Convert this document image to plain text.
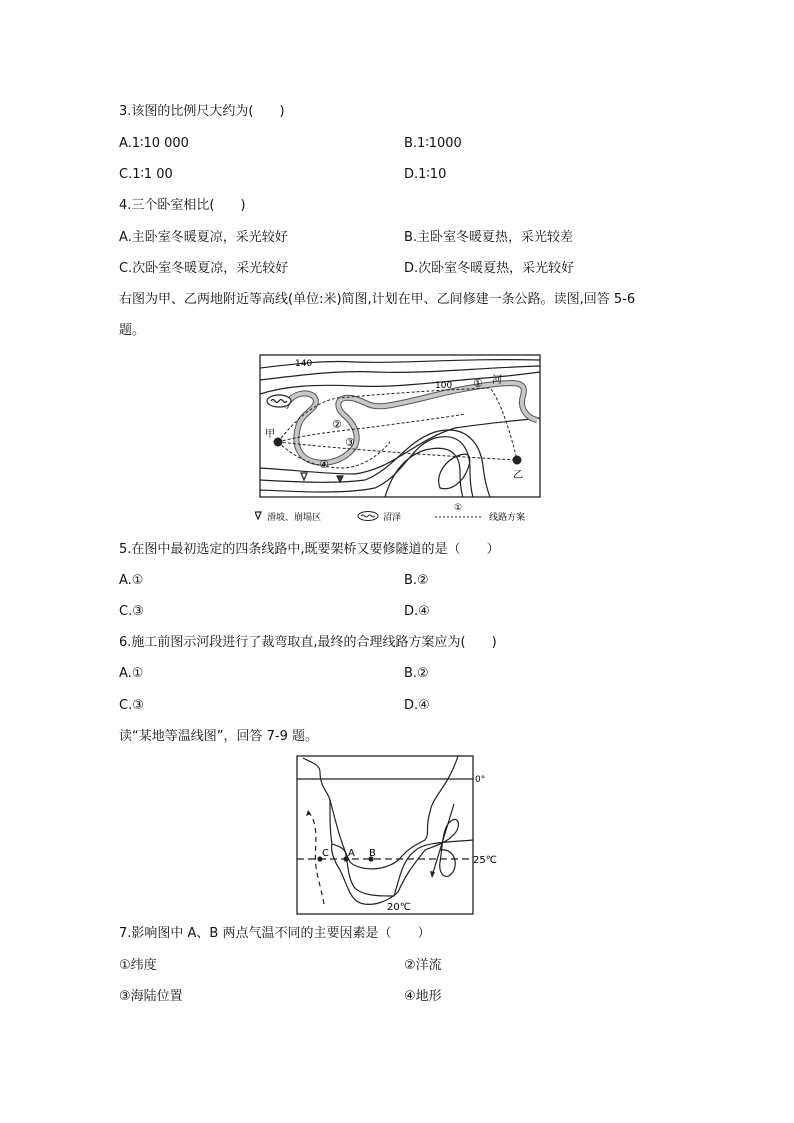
3.该图的比例尺大约为(　　)
A.1∶10 000	B.1∶1000
C.1∶1 00	D.1∶10
4.三个卧室相比(　　)
A.主卧室冬暖夏凉，采光较好	B.主卧室冬暖夏热，采光较差
C.次卧室冬暖夏凉，采光较好	D.次卧室冬暖夏热，采光较好
右图为甲、乙两地附近等高线(单位:米)简图,计划在甲、乙间修建一条公路。读图,回答 5-6
题。
140
100 ① 河
甲
乙
②
③
④
滑坡、崩塌区	沼泽
①
线路方案
5.在图中最初选定的四条线路中,既要架桥又要修隧道的是（　　）
A.①	B.②
C.③	D.④
6.施工前图示河段进行了裁弯取直,最终的合理线路方案应为(　　)
A.①	B.②
C.③	D.④
读“某地等温线图”，回答 7-9 题。
C A B
0°
25℃
20℃
7.影响图中 A、B 两点气温不同的主要因素是（　　）
①纬度	②洋流
③海陆位置	④地形
